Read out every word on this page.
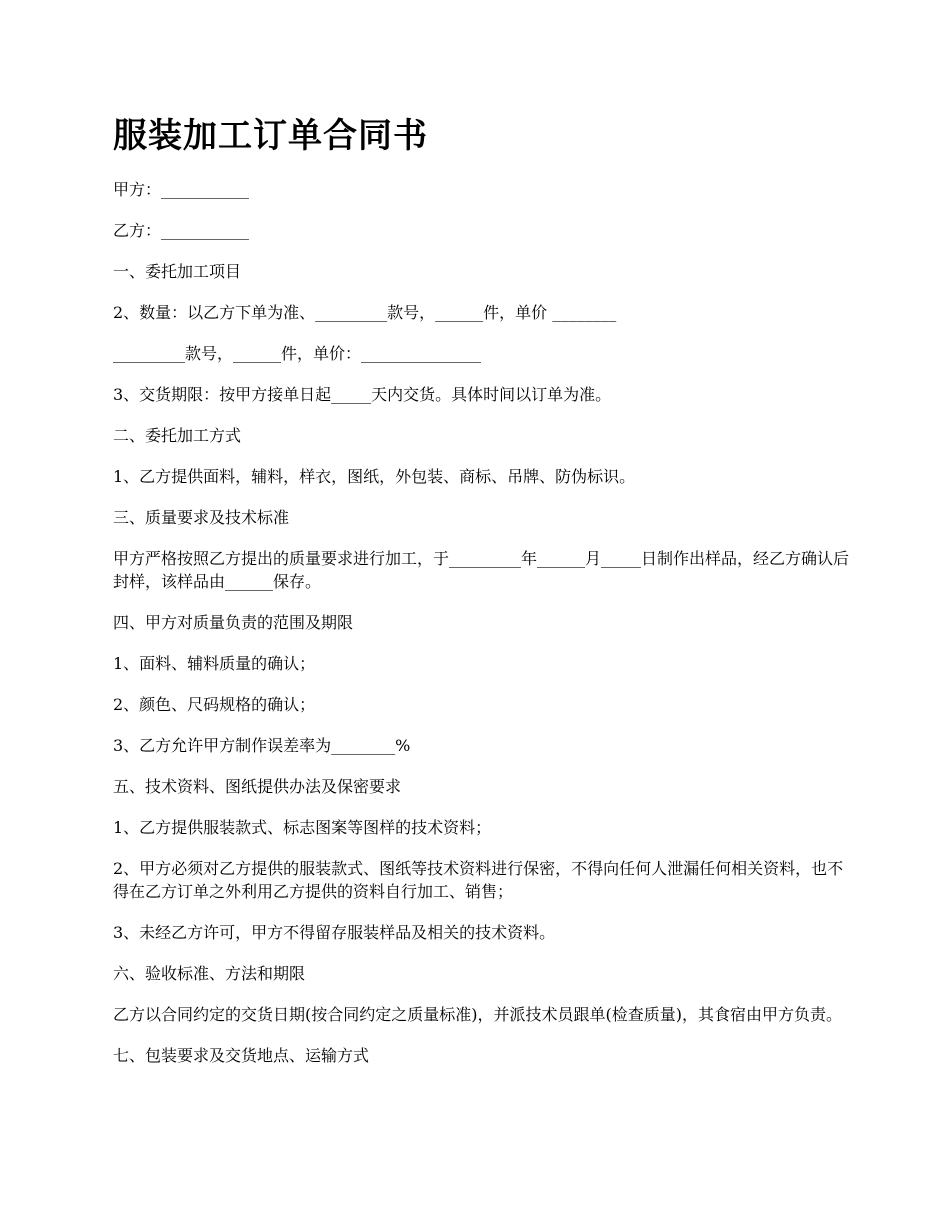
服装加工订单合同书

甲方：___________

乙方：___________

一、委托加工项目

2、数量：以乙方下单为准、_________款号，______件，单价 ________

_________款号，______件，单价：_______________

3、交货期限：按甲方接单日起_____天内交货。具体时间以订单为准。

二、委托加工方式

1、乙方提供面料，辅料，样衣，图纸，外包装、商标、吊牌、防伪标识。

三、质量要求及技术标准

甲方严格按照乙方提出的质量要求进行加工，于_________年______月_____日制作出样品，经乙方确认后封样，该样品由______保存。

四、甲方对质量负责的范围及期限

1、面料、辅料质量的确认；

2、颜色、尺码规格的确认；

3、乙方允许甲方制作误差率为________%

五、技术资料、图纸提供办法及保密要求

1、乙方提供服装款式、标志图案等图样的技术资料；

2、甲方必须对乙方提供的服装款式、图纸等技术资料进行保密，不得向任何人泄漏任何相关资料，也不得在乙方订单之外利用乙方提供的资料自行加工、销售；

3、未经乙方许可，甲方不得留存服装样品及相关的技术资料。

六、验收标准、方法和期限

乙方以合同约定的交货日期(按合同约定之质量标准)，并派技术员跟单(检查质量)，其食宿由甲方负责。

七、包装要求及交货地点、运输方式
